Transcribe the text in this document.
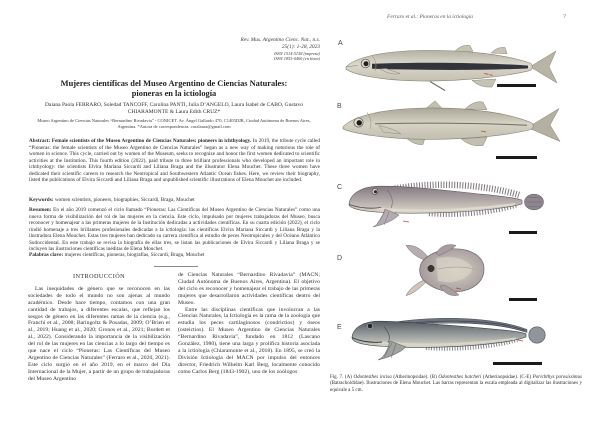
Ferraro et al.: Pioneras en la ictiología	7
Rev. Mus. Argentino Cienc. Nat., n.s.
25(1): 1-28, 2023
ISSN 1514-5158 (impresa)
ISSN 1853-0400 (en línea)
Mujeres científicas del Museo Argentino de Ciencias Naturales:
pioneras en la ictiología
Daiana Paola FERRARO, Soledad TANCOFF, Carolina PANTI, Julia D’ANGELO, Laura Isabel de CABO, Gustavo CHIARAMONTE & Laura Edith CRUZ*
Museo Argentino de Ciencias Naturales “Bernardino Rivadavia” - CONICET. Av. Ángel Gallardo 470, C1405DJR, Ciudad Autónoma de Buenos Aires, Argentina. *Autora de correspondencia: cruzlaura@gmail.com

Abstract: Female scientists of the Museo Argentino de Ciencias Naturales: pioneers in ichthyology. In 2019, the tribute cycle called “Pioneras: the female scientists of the Museo Argentino de Ciencias Naturales” began as a new way of making notorious the role of women in science. This cycle, carried out by women of the Museum, seeks to recognize and honor the first women dedicated to scientific activities at the Institution. This fourth edition (2022), paid tribute to three brilliant professionals who developed an important role in ichthyology: the scientists Elvira Mariana Siccardi and Liliana Braga and the illustrator Elena Mouchet. These three women have dedicated their scientific careers to research the Neotropical and Southwestern Atlantic Ocean fishes. Here, we review their biography, listed the publications of Elvira Siccardi and Liliana Braga and unpublished scientific illustrations of Elena Mouchet are included.

Keywords: women scientists, pioneers, biographies, Siccardi, Braga, Mouchet

Resumen: En el año 2019 comenzó el ciclo llamado “Pioneras: Las Científicas del Museo Argentino de Ciencias Naturales” como una nueva forma de visibilización del rol de las mujeres en la ciencia. Este ciclo, impulsado por mujeres trabajadoras del Museo, busca reconocer y homenajear a las primeras mujeres de la Institución dedicadas a actividades científicas. En su cuarta edición (2022), el ciclo rindió homenaje a tres brillantes profesionales dedicadas a la ictiología: las científicas Elvira Mariana Siccardi y Liliana Braga y la ilustradora Elena Mouchet. Estas tres mujeres han dedicado su carrera científica al estudio de peces Neotropicales y del Océano Atlántico Sudoccidental. En este trabajo se revisa la biografía de ellas tres, se listan las publicaciones de Elvira Siccardi y Liliana Braga y se incluyen las ilustraciones científicas inéditas de Elena Mouchet.

Palabras clave: mujeres científicas, pioneras, biografías, Siccardi, Braga, Mouchet

INTRODUCCIÓN

Las inequidades de género que se reconocen en las sociedades de todo el mundo no son ajenas al mundo académico. Desde hace tiempo, contamos con una gran cantidad de trabajos, a diferentes escalas, que reflejan los sesgos de género en las diferentes ramas de la ciencia (e.g., Franchi et al., 2008; Baringoltz & Posadas, 2009; O’Brien et al., 2019; Huang et al., 2020; Gronos et al., 2021; Burdett et al., 2022). Considerando la importancia de la visibilización del rol de las mujeres en las ciencias a lo largo del tiempo es que nace el ciclo “Pioneras: Las Científicas del Museo Argentino de Ciencias Naturales” (Ferraro et al., 2020, 2021). Este ciclo surgió en el año 2019, en el marco del Día Internacional de la Mujer, a partir de un grupo de trabajadoras del Museo Argentino

de Ciencias Naturales “Bernardino Rivadavia” (MACN; Ciudad Autónoma de Buenos Aires, Argentina). El objetivo del ciclo es reconocer y homenajear el trabajo de las primeras mujeres que desarrollaron actividades científicas dentro del Museo.

Entre las disciplinas científicas que involucran a las Ciencias Naturales, la Ictiología es la rama de la zoología que estudia los peces cartilaginosos (condrictios) y óseos (osteictios). El Museo Argentino de Ciencias Naturales “Bernardino Rivadavia”, fundado en 1812 (Lascano González, 1980), tiene una larga y prolífica historia asociada a la ictiología (Chiaramonte et al., 2018). En 1895, se creó la División Ictiología del MACN por impulso del entonces director, Friedrich Wilhelm Karl Berg, localmente conocido como Carlos Berg (1843-1902), uno de los zoólogos

A
B
C
D
E

Fig. 7. (A) Odontesthes incisa (Atherinopsidae). (B) Odontesthes hatcheri (Atherinopsidae). (C-E) Porichthys porosissimus (Batrachoididae). Ilustraciones de Elena Mouchet. Las barras representan la escala empleada al digitalizar las ilustraciones y equivale a 5 cm.
